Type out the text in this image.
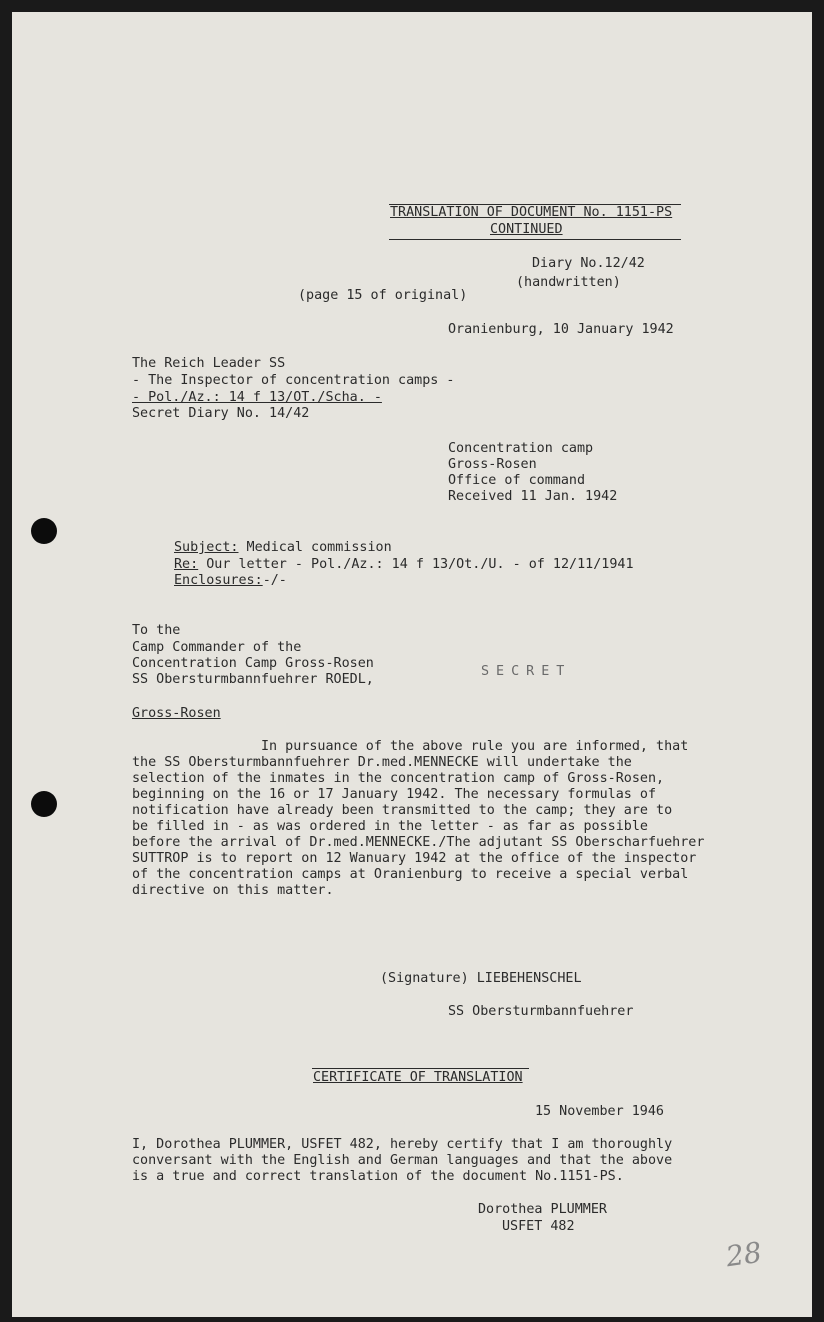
TRANSLATION OF DOCUMENT No. 1151-PS
CONTINUED
Diary No.12/42
(handwritten)
(page 15 of original)
Oranienburg, 10 January 1942
The Reich Leader SS
- The Inspector of concentration camps -
- Pol./Az.: 14 f 13/OT./Scha. -
Secret Diary No. 14/42
Concentration camp
Gross-Rosen
Office of command
Received 11 Jan. 1942
Subject: Medical commission
Re: Our letter - Pol./Az.: 14 f 13/Ot./U. - of 12/11/1941
Enclosures:-/-
To the
Camp Commander of the
Concentration Camp Gross-Rosen
SS Obersturmbannfuehrer ROEDL,
SECRET
Gross-Rosen
In pursuance of the above rule you are informed, that
the SS Obersturmbannfuehrer Dr.med.MENNECKE will undertake the
selection of the inmates in the concentration camp of Gross-Rosen,
beginning on the 16 or 17 January 1942. The necessary formulas of
notification have already been transmitted to the camp; they are to
be filled in - as was ordered in the letter - as far as possible
before the arrival of Dr.med.MENNECKE./The adjutant SS Oberscharfuehrer
SUTTROP is to report on 12 Wanuary 1942 at the office of the inspector
of the concentration camps at Oranienburg to receive a special verbal
directive on this matter.
(Signature) LIEBEHENSCHEL
SS Obersturmbannfuehrer
CERTIFICATE OF TRANSLATION
15 November 1946
I, Dorothea PLUMMER, USFET 482, hereby certify that I am thoroughly
conversant with the English and German languages and that the above
is a true and correct translation of the document No.1151-PS.
Dorothea PLUMMER
USFET 482
28
